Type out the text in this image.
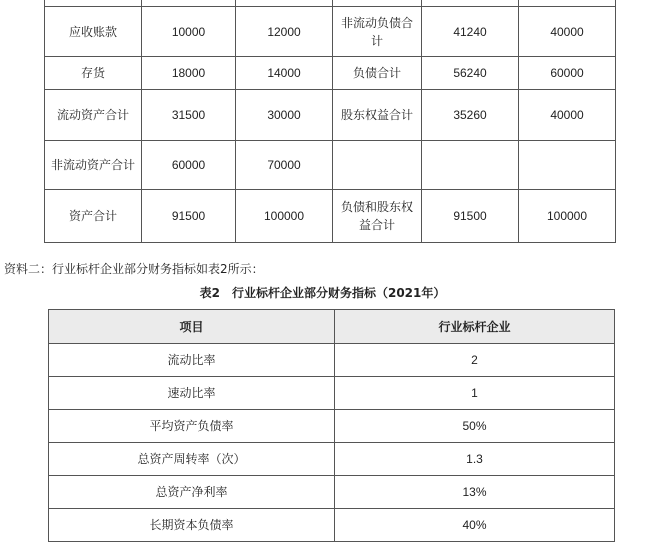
应收账款	10000	12000	非流动负债合计	41240	40000
存货	18000	14000	负债合计	56240	60000
流动资产合计	31500	30000	股东权益合计	35260	40000
非流动资产合计	60000	70000			
资产合计	91500	100000	负债和股东权益合计	91500	100000
资料二：行业标杆企业部分财务指标如表2所示：
表2　行业标杆企业部分财务指标（2021年）
项目	行业标杆企业
流动比率	2
速动比率	1
平均资产负债率	50%
总资产周转率（次）	1.3
总资产净利率	13%
长期资本负债率	40%
